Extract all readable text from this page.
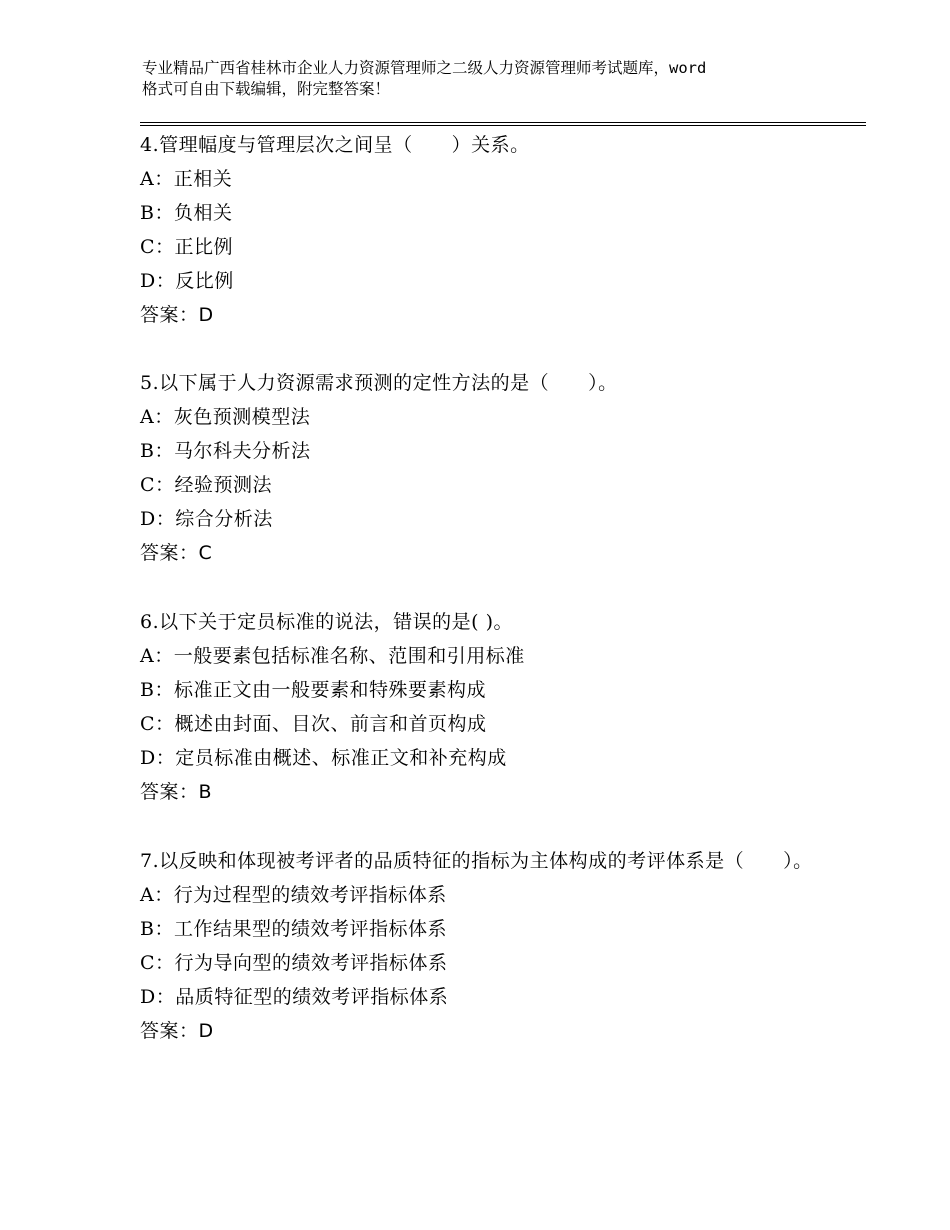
专业精品广西省桂林市企业人力资源管理师之二级人力资源管理师考试题库，word
格式可自由下载编辑，附完整答案！
4.管理幅度与管理层次之间呈（　　）关系。
A：正相关
B：负相关
C：正比例
D：反比例
答案：D
5.以下属于人力资源需求预测的定性方法的是（　　）。
A：灰色预测模型法
B：马尔科夫分析法
C：经验预测法
D：综合分析法
答案：C
6.以下关于定员标准的说法，错误的是( )。
A：一般要素包括标准名称、范围和引用标准
B：标准正文由一般要素和特殊要素构成
C：概述由封面、目次、前言和首页构成
D：定员标准由概述、标准正文和补充构成
答案：B
7.以反映和体现被考评者的品质特征的指标为主体构成的考评体系是（　　）。
A：行为过程型的绩效考评指标体系
B：工作结果型的绩效考评指标体系
C：行为导向型的绩效考评指标体系
D：品质特征型的绩效考评指标体系
答案：D
